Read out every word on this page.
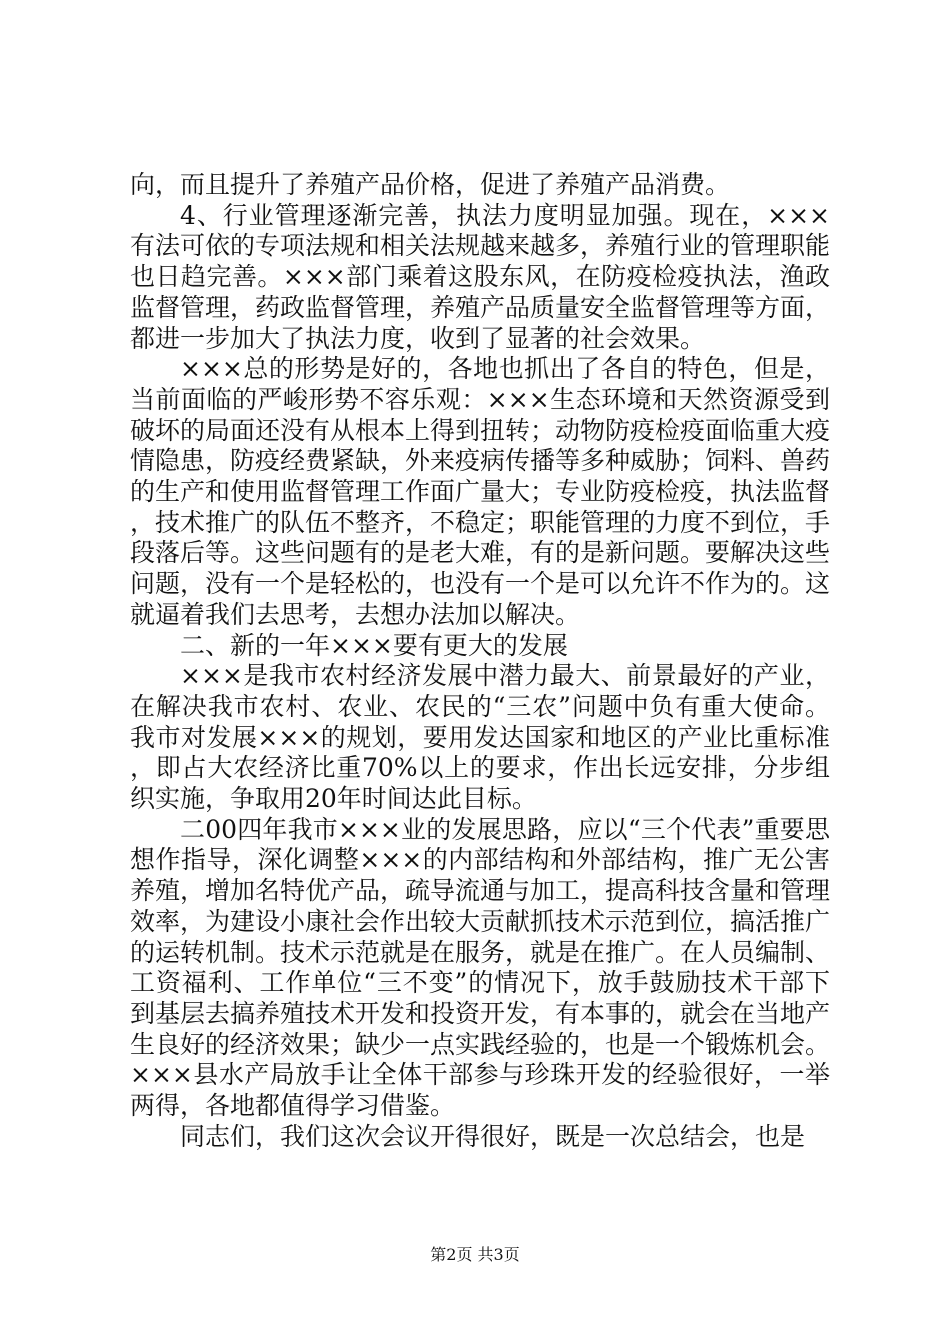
向，而且提升了养殖产品价格，促进了养殖产品消费。

4、行业管理逐渐完善，执法力度明显加强。现在，×××有法可依的专项法规和相关法规越来越多，养殖行业的管理职能也日趋完善。×××部门乘着这股东风，在防疫检疫执法，渔政监督管理，药政监督管理，养殖产品质量安全监督管理等方面，都进一步加大了执法力度，收到了显著的社会效果。

×××总的形势是好的，各地也抓出了各自的特色，但是，当前面临的严峻形势不容乐观：×××生态环境和天然资源受到破坏的局面还没有从根本上得到扭转；动物防疫检疫面临重大疫情隐患，防疫经费紧缺，外来疫病传播等多种威胁；饲料、兽药的生产和使用监督管理工作面广量大；专业防疫检疫，执法监督，技术推广的队伍不整齐，不稳定；职能管理的力度不到位，手段落后等。这些问题有的是老大难，有的是新问题。要解决这些问题，没有一个是轻松的，也没有一个是可以允许不作为的。这就逼着我们去思考，去想办法加以解决。

二、新的一年×××要有更大的发展

×××是我市农村经济发展中潜力最大、前景最好的产业，在解决我市农村、农业、农民的“三农”问题中负有重大使命。我市对发展×××的规划，要用发达国家和地区的产业比重标准，即占大农经济比重70%以上的要求，作出长远安排，分步组织实施，争取用20年时间达此目标。

二00四年我市×××业的发展思路，应以“三个代表”重要思想作指导，深化调整×××的内部结构和外部结构，推广无公害养殖，增加名特优产品，疏导流通与加工，提高科技含量和管理效率，为建设小康社会作出较大贡献抓技术示范到位，搞活推广的运转机制。技术示范就是在服务，就是在推广。在人员编制、工资福利、工作单位“三不变”的情况下，放手鼓励技术干部下到基层去搞养殖技术开发和投资开发，有本事的，就会在当地产生良好的经济效果；缺少一点实践经验的，也是一个锻炼机会。×××县水产局放手让全体干部参与珍珠开发的经验很好，一举两得，各地都值得学习借鉴。

同志们，我们这次会议开得很好，既是一次总结会，也是

第2页 共3页
